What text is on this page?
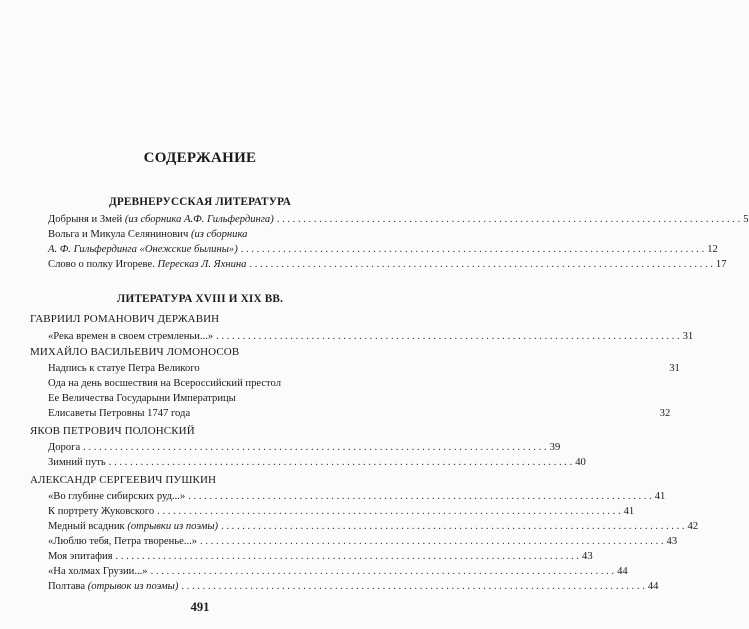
СОДЕРЖАНИЕ
ДРЕВНЕРУССКАЯ ЛИТЕРАТУРА
Добрыня и Змей (из сборника А.Ф. Гильфердинга) . . .	5
Вольга и Микула Селянинович (из сборника
А. Ф. Гильфердинга «Онежские былины») . . .	12
Слово о полку Игореве. Пересказ Л. Яхнина . . .	17
ЛИТЕРАТУРА XVIII И XIX ВВ.
ГАВРИИЛ РОМАНОВИЧ ДЕРЖАВИН
«Река времен в своем стремленьи...» . . .	31
МИХАЙЛО ВАСИЛЬЕВИЧ ЛОМОНОСОВ
Надпись к статуе Петра Великого	31
Ода на день восшествия на Всероссийский престол
Ее Величества Государыни Императрицы
Елисаветы Петровны 1747 года	32
ЯКОВ ПЕТРОВИЧ ПОЛОНСКИЙ
Дорога . . .	39
Зимний путь . . .	40
АЛЕКСАНДР СЕРГЕЕВИЧ ПУШКИН
«Во глубине сибирских руд...» . . .	41
К портрету Жуковского . . .	41
Медный всадник (отрывки из поэмы) . . .	42
«Люблю тебя, Петра творенье...» . . .	43
Моя эпитафия . . .	43
«На холмах Грузии...» . . .	44
Полтава (отрывок из поэмы) . . .	44
491
